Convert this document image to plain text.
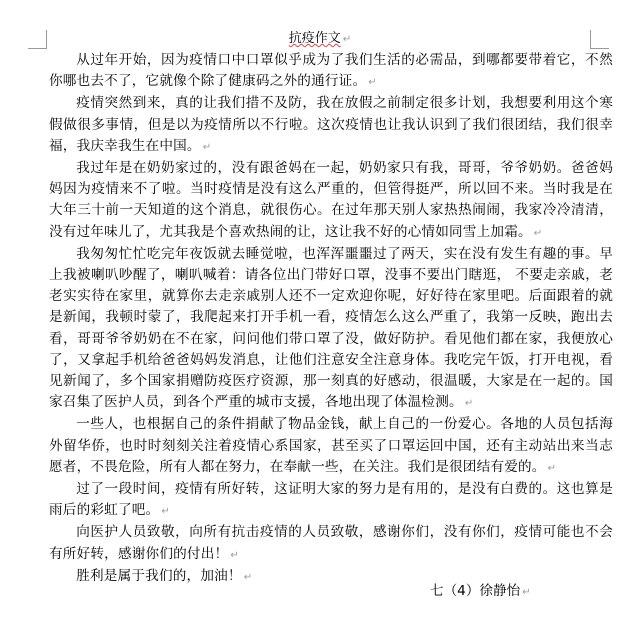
抗疫作文 ↵

从过年开始，因为疫情口中口罩似乎成为了我们生活的必需品，到哪都要带着它，不然你哪也去不了，它就像个除了健康码之外的通行证。 ↵

疫情突然到来，真的让我们措不及防，我在放假之前制定很多计划，我想要利用这个寒假做很多事情，但是以为疫情所以不行啦。这次疫情也让我认识到了我们很团结，我们很幸福，我庆幸我生在中国。 ↵

我过年是在奶奶家过的，没有跟爸妈在一起，奶奶家只有我，哥哥，爷爷奶奶。爸爸妈妈因为疫情来不了啦。当时疫情是没有这么严重的，但管得挺严，所以回不来。当时我是在大年三十前一天知道的这个消息，就很伤心。在过年那天别人家热热闹闹，我家冷冷清清，没有过年味儿了，尤其我是个喜欢热闹的让，这让我不好的心情如同雪上加霜。 ↵

我匆匆忙忙吃完年夜饭就去睡觉啦，也浑浑噩噩过了两天，实在没有发生有趣的事。早上我被喇叭吵醒了，喇叭喊着：请各位出门带好口罩，没事不要出门瞎逛， 不要走亲戚，老老实实待在家里，就算你去走亲戚别人还不一定欢迎你呢，好好待在家里吧。后面跟着的就是新闻，我顿时蒙了，我爬起来打开手机一看，疫情怎么这么严重了，我第一反映，跑出去看，哥哥爷爷奶奶在不在家，问问他们带口罩了没，做好防护。看见他们都在家，我便放心了，又拿起手机给爸爸妈妈发消息，让他们注意安全注意身体。我吃完午饭，打开电视，看见新闻了，多个国家捐赠防疫医疗资源，那一刻真的好感动，很温暖，大家是在一起的。国家召集了医护人员，到各个严重的城市支援，各地出现了体温检测。 ↵

一些人，也根据自己的条件捐献了物品金钱，献上自己的一份爱心。各地的人员包括海外留华侨，也时时刻刻关注着疫情心系国家，甚至买了口罩运回中国，还有主动站出来当志愿者，不畏危险，所有人都在努力，在奉献一些，在关注。我们是很团结有爱的。 ↵

过了一段时间，疫情有所好转，这证明大家的努力是有用的，是没有白费的。这也算是雨后的彩虹了吧。 ↵

向医护人员致敬，向所有抗击疫情的人员致敬，感谢你们，没有你们，疫情可能也不会有所好转，感谢你们的付出！ ↵

胜利是属于我们的，加油！ ↵

七（4）徐静怡 ↵
